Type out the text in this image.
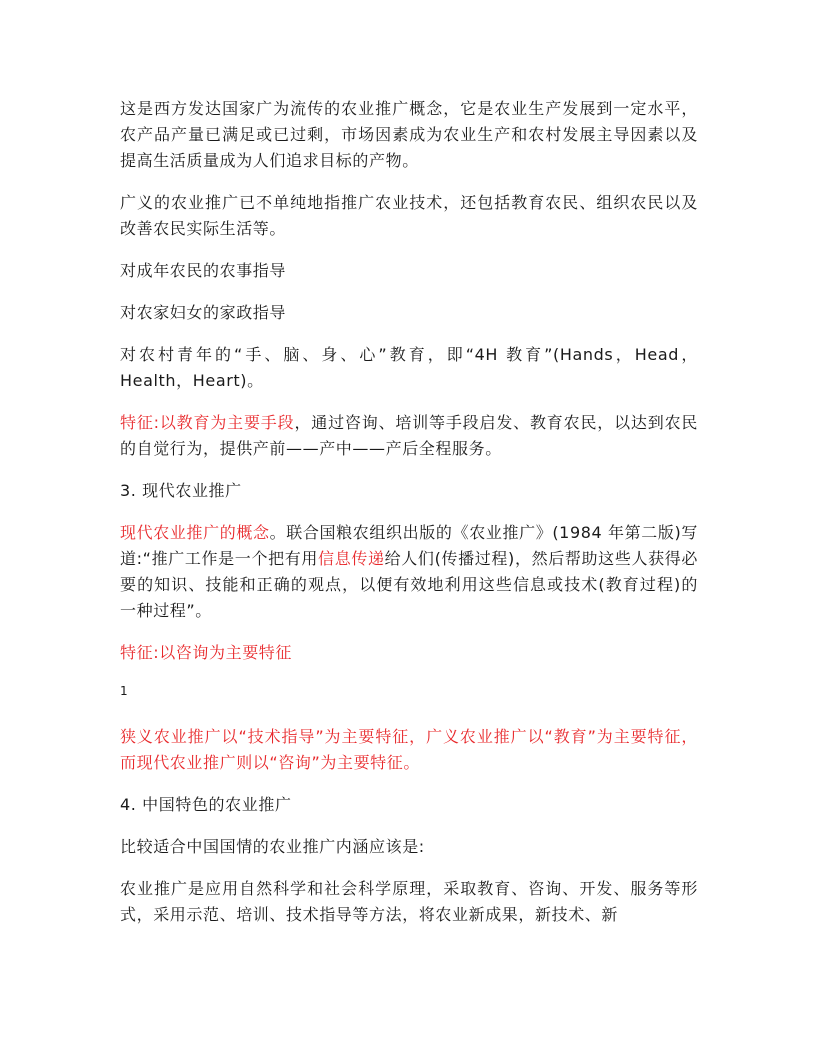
这是西方发达国家广为流传的农业推广概念，它是农业生产发展到一定水平，农产品产量已满足或已过剩，市场因素成为农业生产和农村发展主导因素以及提高生活质量成为人们追求目标的产物。

广义的农业推广已不单纯地指推广农业技术，还包括教育农民、组织农民以及改善农民实际生活等。

对成年农民的农事指导

对农家妇女的家政指导

对农村青年的“手、脑、身、心”教育，即“4H 教育”(Hands，Head，Health，Heart)。

特征:以教育为主要手段，通过咨询、培训等手段启发、教育农民，以达到农民的自觉行为，提供产前——产中——产后全程服务。

3. 现代农业推广

现代农业推广的概念。联合国粮农组织出版的《农业推广》(1984 年第二版)写道:“推广工作是一个把有用信息传递给人们(传播过程)，然后帮助这些人获得必要的知识、技能和正确的观点，以便有效地利用这些信息或技术(教育过程)的一种过程”。

特征:以咨询为主要特征

1

狭义农业推广以“技术指导”为主要特征，广义农业推广以“教育”为主要特征，而现代农业推广则以“咨询”为主要特征。

4. 中国特色的农业推广

比较适合中国国情的农业推广内涵应该是:

农业推广是应用自然科学和社会科学原理，采取教育、咨询、开发、服务等形式，采用示范、培训、技术指导等方法，将农业新成果，新技术、新
